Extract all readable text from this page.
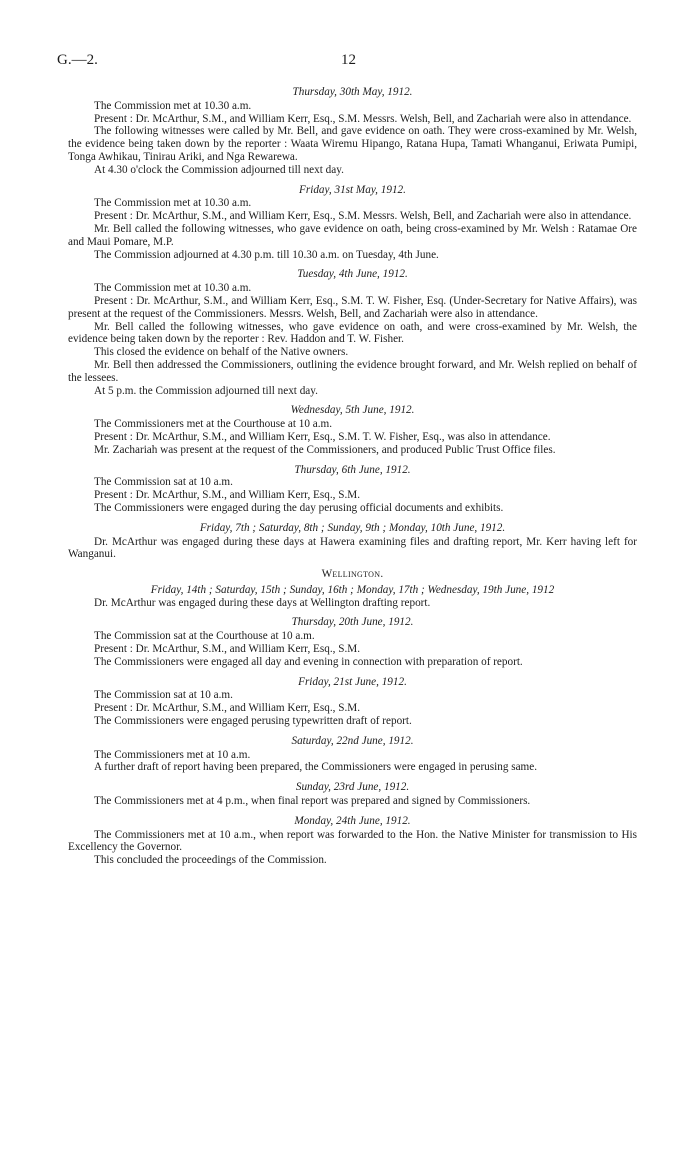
G.—2.	12
Thursday, 30th May, 1912.

The Commission met at 10.30 a.m.

Present : Dr. McArthur, S.M., and William Kerr, Esq., S.M. Messrs. Welsh, Bell, and Zachariah were also in attendance.

The following witnesses were called by Mr. Bell, and gave evidence on oath. They were cross-examined by Mr. Welsh, the evidence being taken down by the reporter : Waata Wiremu Hipango, Ratana Hupa, Tamati Whanganui, Eriwata Pumipi, Tonga Awhikau, Tinirau Ariki, and Nga Rewarewa.

At 4.30 o'clock the Commission adjourned till next day.

Friday, 31st May, 1912.

The Commission met at 10.30 a.m.

Present : Dr. McArthur, S.M., and William Kerr, Esq., S.M. Messrs. Welsh, Bell, and Zachariah were also in attendance.

Mr. Bell called the following witnesses, who gave evidence on oath, being cross-examined by Mr. Welsh : Ratamae Ore and Maui Pomare, M.P.

The Commission adjourned at 4.30 p.m. till 10.30 a.m. on Tuesday, 4th June.

Tuesday, 4th June, 1912.

The Commission met at 10.30 a.m.

Present : Dr. McArthur, S.M., and William Kerr, Esq., S.M. T. W. Fisher, Esq. (Under-Secretary for Native Affairs), was present at the request of the Commissioners. Messrs. Welsh, Bell, and Zachariah were also in attendance.

Mr. Bell called the following witnesses, who gave evidence on oath, and were cross-examined by Mr. Welsh, the evidence being taken down by the reporter : Rev. Haddon and T. W. Fisher.

This closed the evidence on behalf of the Native owners.

Mr. Bell then addressed the Commissioners, outlining the evidence brought forward, and Mr. Welsh replied on behalf of the lessees.

At 5 p.m. the Commission adjourned till next day.

Wednesday, 5th June, 1912.

The Commissioners met at the Courthouse at 10 a.m.

Present : Dr. McArthur, S.M., and William Kerr, Esq., S.M. T. W. Fisher, Esq., was also in attendance.

Mr. Zachariah was present at the request of the Commissioners, and produced Public Trust Office files.

Thursday, 6th June, 1912.

The Commission sat at 10 a.m.

Present : Dr. McArthur, S.M., and William Kerr, Esq., S.M.

The Commissioners were engaged during the day perusing official documents and exhibits.

Friday, 7th ; Saturday, 8th ; Sunday, 9th ; Monday, 10th June, 1912.

Dr. McArthur was engaged during these days at Hawera examining files and drafting report, Mr. Kerr having left for Wanganui.

Wellington.
Friday, 14th ; Saturday, 15th ; Sunday, 16th ; Monday, 17th ; Wednesday, 19th June, 1912

Dr. McArthur was engaged during these days at Wellington drafting report.

Thursday, 20th June, 1912.

The Commission sat at the Courthouse at 10 a.m.

Present : Dr. McArthur, S.M., and William Kerr, Esq., S.M.

The Commissioners were engaged all day and evening in connection with preparation of report.

Friday, 21st June, 1912.

The Commission sat at 10 a.m.

Present : Dr. McArthur, S.M., and William Kerr, Esq., S.M.

The Commissioners were engaged perusing typewritten draft of report.

Saturday, 22nd June, 1912.

The Commissioners met at 10 a.m.

A further draft of report having been prepared, the Commissioners were engaged in perusing same.

Sunday, 23rd June, 1912.

The Commissioners met at 4 p.m., when final report was prepared and signed by Commissioners.

Monday, 24th June, 1912.

The Commissioners met at 10 a.m., when report was forwarded to the Hon. the Native Minister for transmission to His Excellency the Governor.

This concluded the proceedings of the Commission.
